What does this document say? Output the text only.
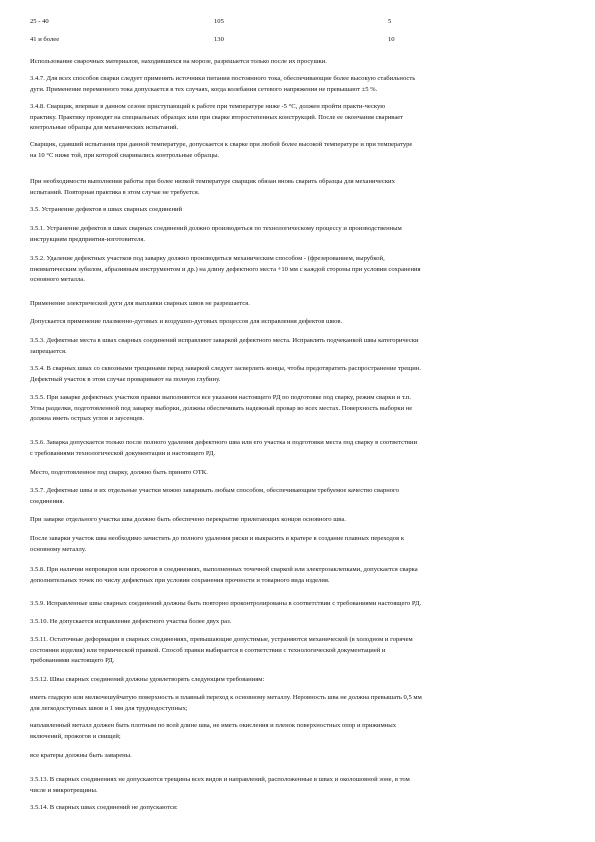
25 - 40	105	5
41 и более	130	10
Использование сварочных материалов, находившихся на морозе, разрешается только после их просушки.
3.4.7. Для всех способов сварки следует применять источники питания постоянного тока, обеспечивающие более высокую стабильность
дуги. Применение переменного тока допускается в тех случаях, когда колебания сетевого напряжения не превышают ±5 %.
3.4.8. Сварщик, впервые в данном сезоне приступающий к работе при температуре ниже -5 °С, должен пройти практи-ческую
практику. Практику проводят на специальных образцах или при сварке второстепенных конструкций. После ее окончания сваривает
контрольные образцы для механических испытаний.
Сварщик, сдавший испытания при данной температуре, допускается к сварке при любой более высокой температуре и при температуре
на 10 °С ниже той, при которой сваривались контрольные образцы.
При необходимости выполнения работы при более низкой температуре сварщик обязан вновь сварить образцы для механических
испытаний. Повторная практика в этом случае не требуется.
3.5. Устранение дефектов в швах сварных соединений
3.5.1. Устранение дефектов в швах сварных соединений должно производиться по технологическому процессу и производственным
инструкциям предприятия-изготовителя.
3.5.2. Удаление дефектных участков под заварку должно производиться механическим способом - (фрезерованием, вырубкой,
пневматическим зубилом, абразивным инструментом и др.) на длину дефектного места +10 мм с каждой стороны при условии сохранения
основного металла.
Применение электрической дуги для выплавки сварных швов не разрешается.
Допускается применение плазменно-дуговых и воздушно-дуговых процессов для исправления дефектов швов.
3.5.3. Дефектные места в швах сварных соединений исправляют заваркой дефектного места. Исправлять подчеканкой швы категорически
запрещается.
3.5.4. В сварных швах со сквозными трещинами перед заваркой следует засверлить концы, чтобы предотвратить распространение трещин.
Дефектный участок в этом случае проваривают на полную глубину.
3.5.5. При заварке дефектных участков правки выполняются все указания настоящего РД по подготовке под сварку, режим сварки и т.п.
Углы разделки, подготовленной под заварку выборки, должны обеспечивать надежный провар во всех местах. Поверхность выборки не
должна иметь острых углов и заусенцев.
3.5.6. Заварка допускается только после полного удаления дефектного шва или его участка и подготовки места под сварку в соответствии
с требованиями технологической документации и настоящего РД.
Место, подготовленное под сварку, должно быть принято ОТК.
3.5.7. Дефектные швы и их отдельные участки можно заваривать любым способом, обеспечивающим требуемое качество сварного
соединения.
При заварке отдельного участка шва должно быть обеспечено перекрытие прилегающих концов основного шва.
После заварки участок шва необходимо зачистить до полного удаления ряски и выкрасить в кратере в создание плавных переходов к
основному металлу.
3.5.8. При наличии непроваров или прожогов в соединениях, выполненных точечной сваркой или электрозаклепками, допускается сварка
дополнительных точек по числу дефектных при условии сохранения прочности и товарного вида изделия.
3.5.9. Исправленные швы сварных соединений должны быть повторно проконтролированы в соответствии с требованиями настоящего РД.
3.5.10. Не допускается исправление дефектного участка более двух раз.
3.5.11. Остаточные деформации в сварных соединениях, превышающие допустимые, устраняются механической (в холодном и горячем
состоянии изделия) или термической правкой. Способ правки выбирается в соответствии с технологической документацией и
требованиями настоящего РД.
3.5.12. Швы сварных соединений должны удовлетворять следующим требованиям:
иметь гладкую или мелкочешуйчатую поверхность и плавный переход к основному металлу. Неровность шва не должна превышать 0,5 мм
для легкодоступных швов и 1 мм для труднодоступных;
наплавленный металл должен быть плотным по всей длине шва, не иметь окисления и пленок поверхностных опор и прижимных
включений, прожогов и свищей;
все кратеры должны быть заварены.
3.5.13. В сварных соединениях не допускаются трещины всех видов и направлений, расположенные в швах и околошовной зоне, в том
числе и микротрещины.
3.5.14. В сварных швах соединений не допускаются:
